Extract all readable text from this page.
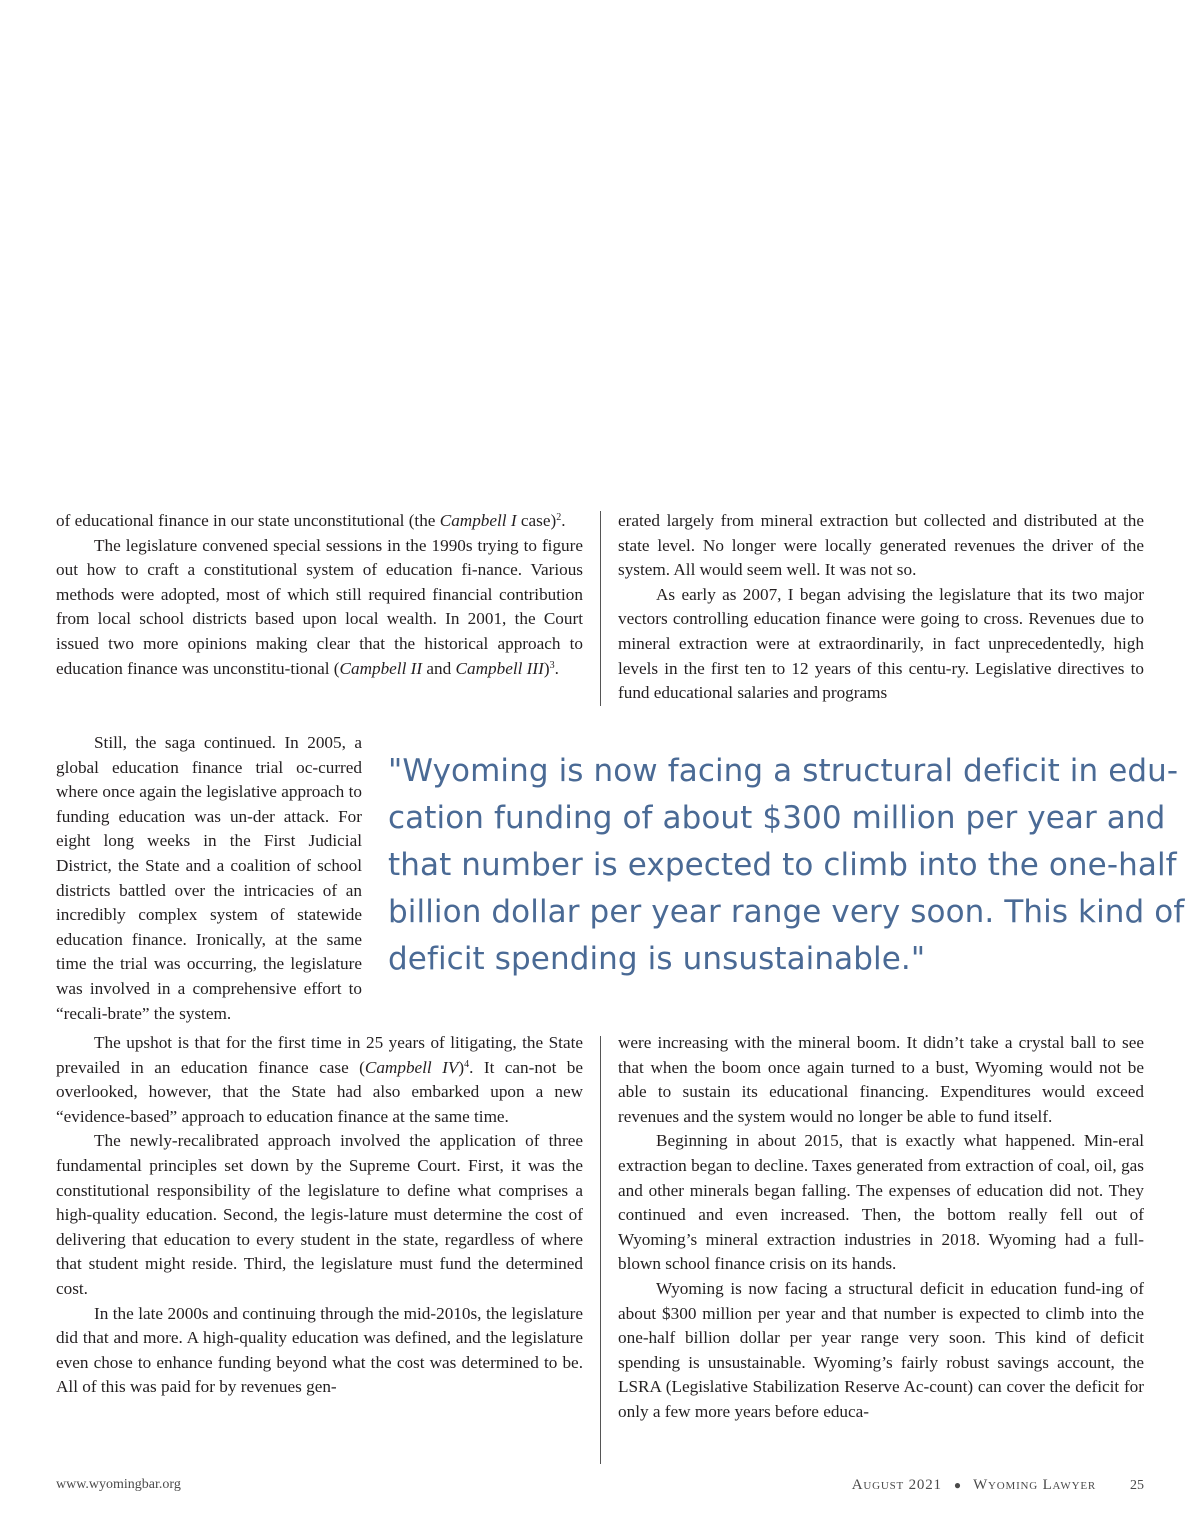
of educational finance in our state unconstitutional (the Campbell I case)$^2$.

The legislature convened special sessions in the 1990s trying to figure out how to craft a constitutional system of education fi-nance. Various methods were adopted, most of which still required financial contribution from local school districts based upon local wealth. In 2001, the Court issued two more opinions making clear that the historical approach to education finance was unconstitu-tional (Campbell II and Campbell III)$^3$.

Still, the saga continued. In 2005, a global education finance trial oc-curred where once again the legislative approach to funding education was un-der attack. For eight long weeks in the First Judicial District, the State and a coalition of school districts battled over the intricacies of an incredibly complex system of statewide education finance. Ironically, at the same time the trial was occurring, the legislature was involved in a comprehensive effort to “recali-brate” the system.

The upshot is that for the first time in 25 years of litigating, the State prevailed in an education finance case (Campbell IV)$^4$. It can-not be overlooked, however, that the State had also embarked upon a new “evidence-based” approach to education finance at the same time.

The newly-recalibrated approach involved the application of three fundamental principles set down by the Supreme Court. First, it was the constitutional responsibility of the legislature to define what comprises a high-quality education. Second, the legis-lature must determine the cost of delivering that education to every student in the state, regardless of where that student might reside. Third, the legislature must fund the determined cost.

In the late 2000s and continuing through the mid-2010s, the legislature did that and more. A high-quality education was defined, and the legislature even chose to enhance funding beyond what the cost was determined to be. All of this was paid for by revenues gen-

erated largely from mineral extraction but collected and distributed at the state level. No longer were locally generated revenues the driver of the system. All would seem well. It was not so.

As early as 2007, I began advising the legislature that its two major vectors controlling education finance were going to cross. Revenues due to mineral extraction were at extraordinarily, in fact unprecedentedly, high levels in the first ten to 12 years of this centu-ry. Legislative directives to fund educational salaries and programs

were increasing with the mineral boom. It didn’t take a crystal ball to see that when the boom once again turned to a bust, Wyoming would not be able to sustain its educational financing. Expenditures would exceed revenues and the system would no longer be able to fund itself.

Beginning in about 2015, that is exactly what happened. Min-eral extraction began to decline. Taxes generated from extraction of coal, oil, gas and other minerals began falling. The expenses of education did not. They continued and even increased. Then, the bottom really fell out of Wyoming’s mineral extraction industries in 2018. Wyoming had a full-blown school finance crisis on its hands.

Wyoming is now facing a structural deficit in education fund-ing of about $300 million per year and that number is expected to climb into the one-half billion dollar per year range very soon. This kind of deficit spending is unsustainable. Wyoming’s fairly robust savings account, the LSRA (Legislative Stabilization Reserve Ac-count) can cover the deficit for only a few more years before educa-

"Wyoming is now facing a structural deficit in edu-
cation funding of about $300 million per year and
that number is expected to climb into the one-half
billion dollar per year range very soon. This kind of
deficit spending is unsustainable."
www.wyomingbar.org	August 2021 ● Wyoming Lawyer 25
